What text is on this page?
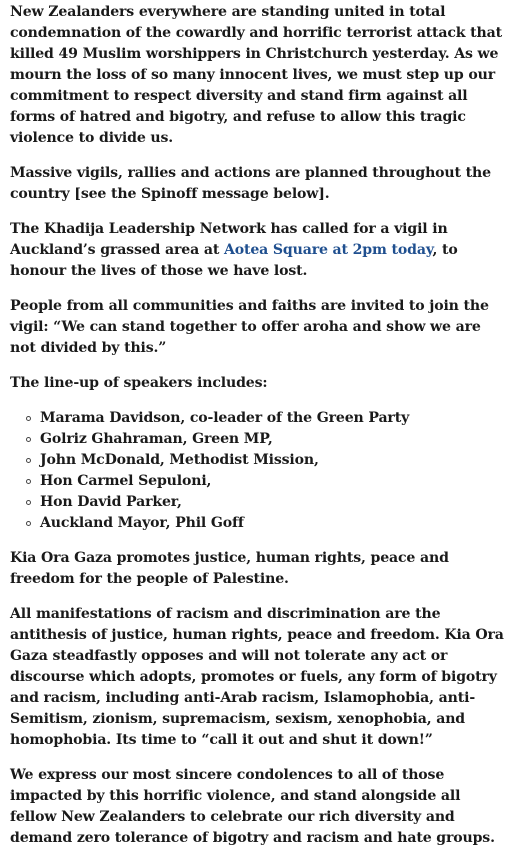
New Zealanders everywhere are standing united in total condemnation of the cowardly and horrific terrorist attack that killed 49 Muslim worshippers in Christchurch yesterday. As we mourn the loss of so many innocent lives, we must step up our commitment to respect diversity and stand firm against all forms of hatred and bigotry, and refuse to allow this tragic violence to divide us.

Massive vigils, rallies and actions are planned throughout the country [see the Spinoff message below].

The Khadija Leadership Network has called for a vigil in Auckland’s grassed area at Aotea Square at 2pm today, to honour the lives of those we have lost.

People from all communities and faiths are invited to join the vigil: “We can stand together to offer aroha and show we are not divided by this.”

The line-up of speakers includes:

Marama Davidson, co-leader of the Green Party
Golriz Ghahraman, Green MP,
John McDonald, Methodist Mission,
Hon Carmel Sepuloni,
Hon David Parker,
Auckland Mayor, Phil Goff

Kia Ora Gaza promotes justice, human rights, peace and freedom for the people of Palestine.

All manifestations of racism and discrimination are the antithesis of justice, human rights, peace and freedom. Kia Ora Gaza steadfastly opposes and will not tolerate any act or discourse which adopts, promotes or fuels, any form of bigotry and racism, including anti-Arab racism, Islamophobia, anti-Semitism, zionism, supremacism, sexism, xenophobia, and homophobia. Its time to “call it out and shut it down!”

We express our most sincere condolences to all of those impacted by this horrific violence, and stand alongside all fellow New Zealanders to celebrate our rich diversity and demand zero tolerance of bigotry and racism and hate groups.
